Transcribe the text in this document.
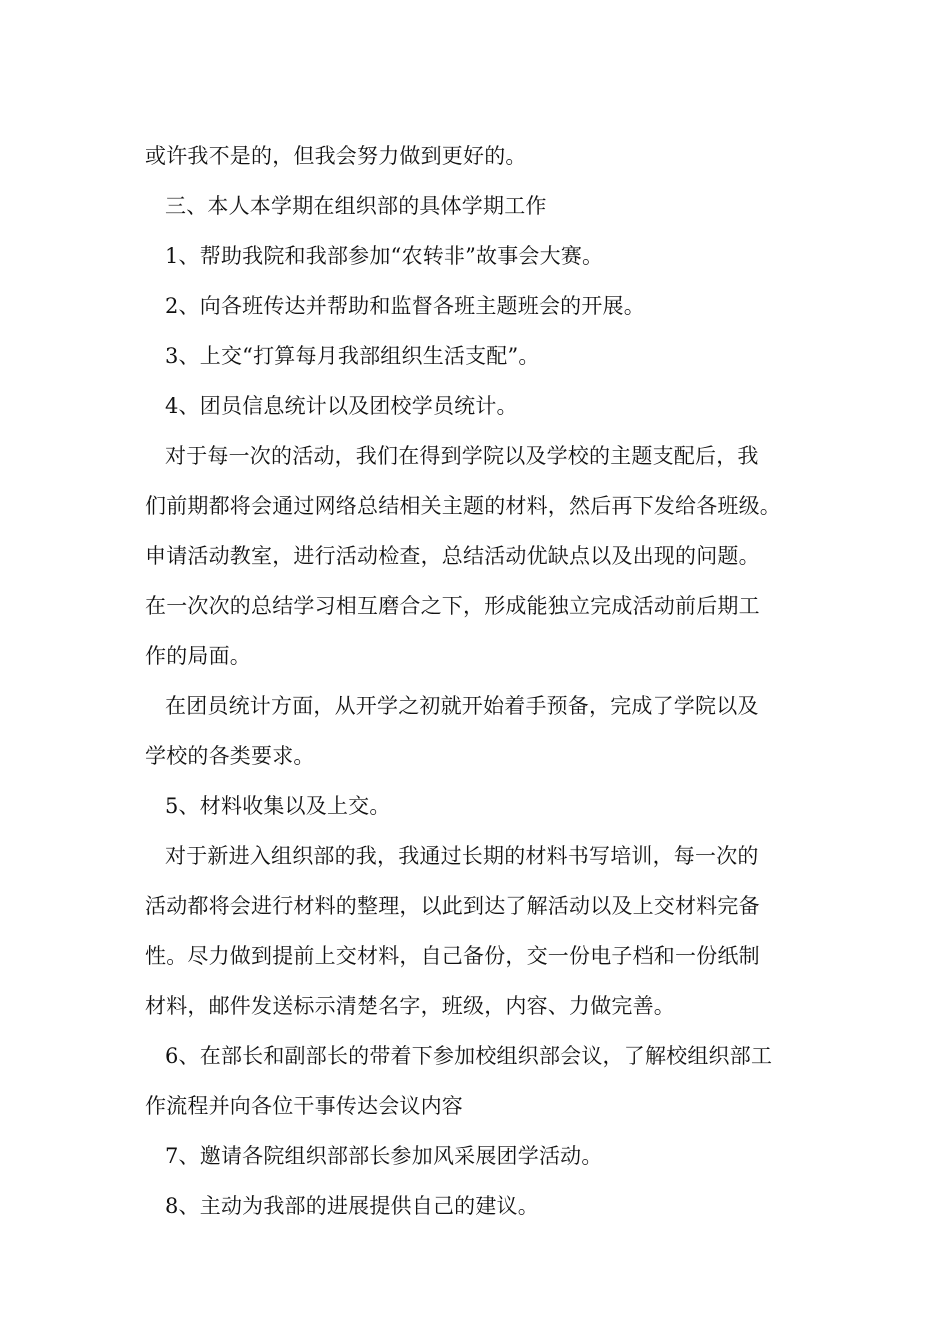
或许我不是的，但我会努力做到更好的。
三、本人本学期在组织部的具体学期工作
1、帮助我院和我部参加“农转非”故事会大赛。
2、向各班传达并帮助和监督各班主题班会的开展。
3、上交“打算每月我部组织生活支配”。
4、团员信息统计以及团校学员统计。
对于每一次的活动，我们在得到学院以及学校的主题支配后，我
们前期都将会通过网络总结相关主题的材料，然后再下发给各班级。
申请活动教室，进行活动检查，总结活动优缺点以及出现的问题。
在一次次的总结学习相互磨合之下，形成能独立完成活动前后期工
作的局面。
在团员统计方面，从开学之初就开始着手预备，完成了学院以及
学校的各类要求。
5、材料收集以及上交。
对于新进入组织部的我，我通过长期的材料书写培训，每一次的
活动都将会进行材料的整理，以此到达了解活动以及上交材料完备
性。尽力做到提前上交材料，自己备份，交一份电子档和一份纸制
材料，邮件发送标示清楚名字，班级，内容、力做完善。
6、在部长和副部长的带着下参加校组织部会议，了解校组织部工
作流程并向各位干事传达会议内容
7、邀请各院组织部部长参加风采展团学活动。
8、主动为我部的进展提供自己的建议。
